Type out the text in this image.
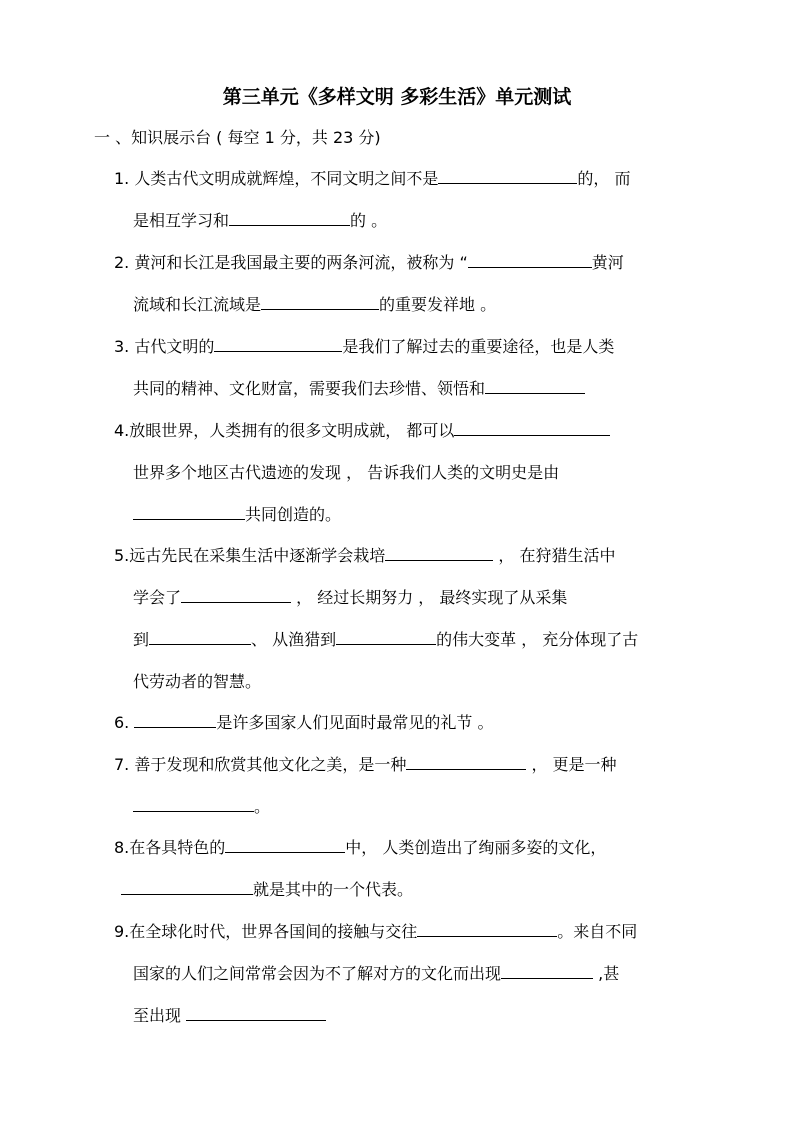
第三单元《多样文明 多彩生活》单元测试
一 、知识展示台 ( 每空 1 分，共 23 分)
1. 人类古代文明成就辉煌，不同文明之间不是	的， 而
是相互学习和	的 。
2. 黄河和长江是我国最主要的两条河流，被称为 “	黄河
流域和长江流域是	的重要发祥地 。
3. 古代文明的	是我们了解过去的重要途径，也是人类
共同的精神、文化财富，需要我们去珍惜、领悟和
4.放眼世界，人类拥有的很多文明成就， 都可以
世界多个地区古代遗迹的发现 ， 告诉我们人类的文明史是由
共同创造的。
5.远古先民在采集生活中逐渐学会栽培	， 在狩猎生活中
学会了	， 经过长期努力 ， 最终实现了从采集
到	、 从渔猎到	的伟大变革 ， 充分体现了古
代劳动者的智慧。
6.	是许多国家人们见面时最常见的礼节 。
7. 善于发现和欣赏其他文化之美，是一种	， 更是一种
。
8.在各具特色的	中， 人类创造出了绚丽多姿的文化，
就是其中的一个代表。
9.在全球化时代，世界各国间的接触与交往	。来自不同
国家的人们之间常常会因为不了解对方的文化而出现	,甚
至出现
